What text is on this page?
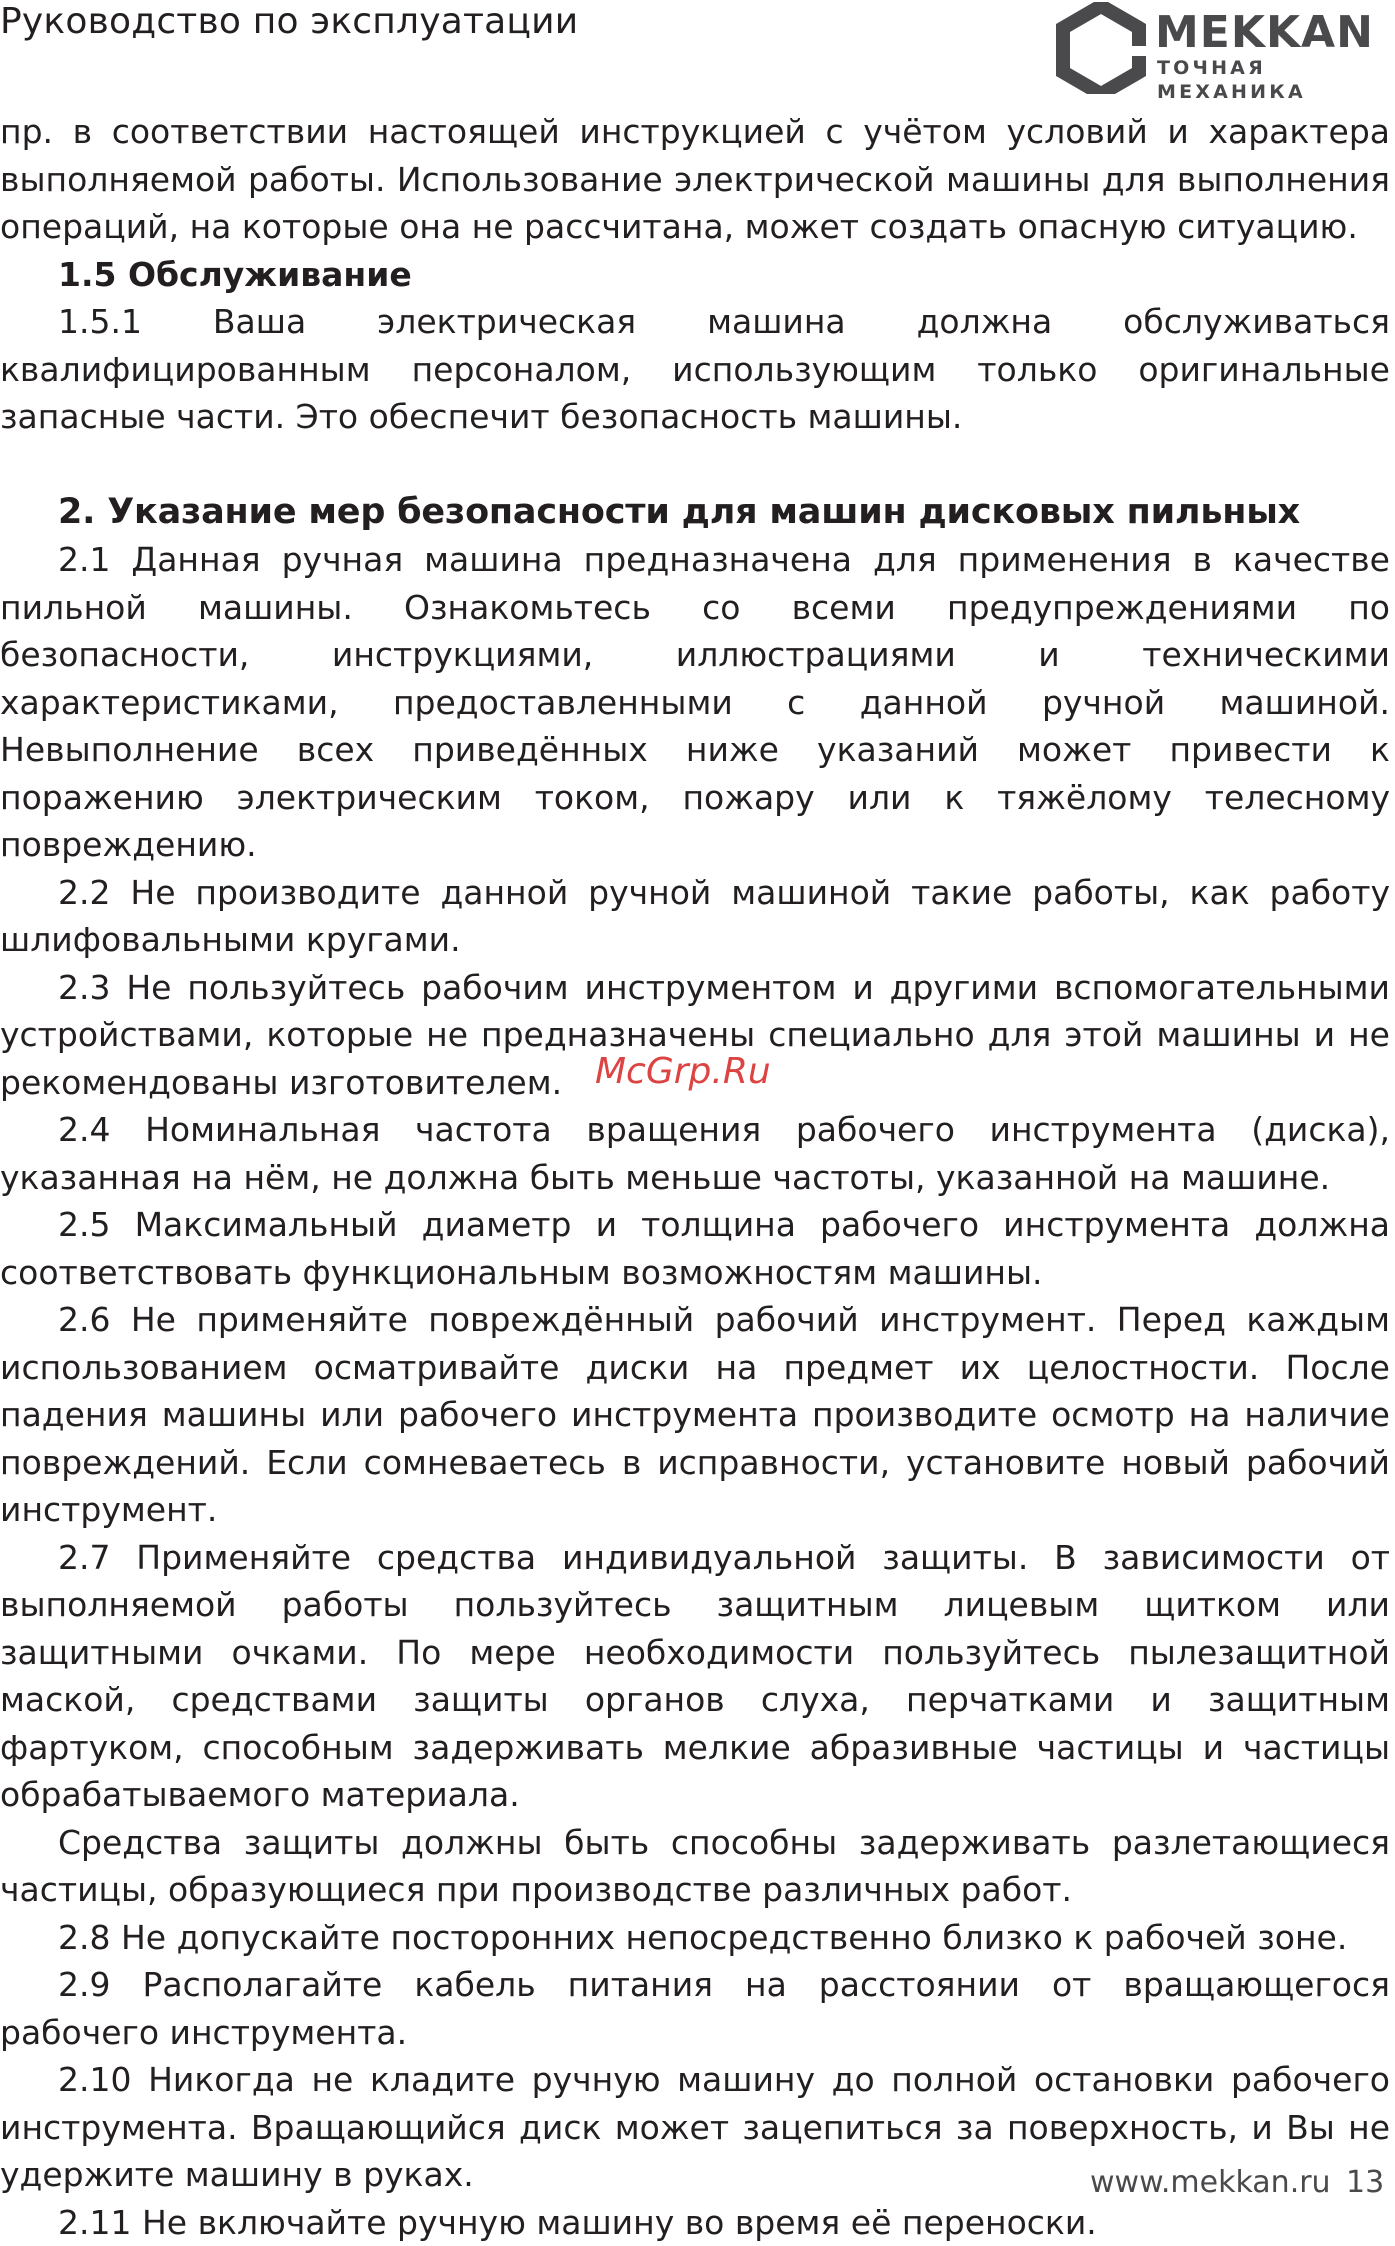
Руководство по эксплуатации	MEKKAN
ТОЧНАЯ МЕХАНИКА

пр. в соответствии настоящей инструкцией с учётом условий и характера выполняемой работы. Использование электрической машины для выполнения операций, на которые она не рассчитана, может создать опасную ситуацию.

1.5 Обслуживание

1.5.1 Ваша электрическая машина должна обслуживаться квалифицированным персоналом, использующим только оригинальные запасные части. Это обеспечит безопасность машины.

2. Указание мер безопасности для машин дисковых пильных

2.1 Данная ручная машина предназначена для применения в качестве пильной машины. Ознакомьтесь со всеми предупреждениями по безопасности, инструкциями, иллюстрациями и техническими характеристиками, предоставленными с данной ручной машиной. Невыполнение всех приведённых ниже указаний может привести к поражению электрическим током, пожару или к тяжёлому телесному повреждению.

2.2 Не производите данной ручной машиной такие работы, как работу шлифовальными кругами.

2.3 Не пользуйтесь рабочим инструментом и другими вспомогательными устройствами, которые не предназначены специально для этой машины и не рекомендованы изготовителем.

2.4 Номинальная частота вращения рабочего инструмента (диска), указанная на нём, не должна быть меньше частоты, указанной на машине.

2.5 Максимальный диаметр и толщина рабочего инструмента должна соответствовать функциональным возможностям машины.

2.6 Не применяйте повреждённый рабочий инструмент. Перед каждым использованием осматривайте диски на предмет их целостности. После падения машины или рабочего инструмента производите осмотр на наличие повреждений. Если сомневаетесь в исправности, установите новый рабочий инструмент.

2.7 Применяйте средства индивидуальной защиты. В зависимости от выполняемой работы пользуйтесь защитным лицевым щитком или защитными очками. По мере необходимости пользуйтесь пылезащитной маской, средствами защиты органов слуха, перчатками и защитным фартуком, способным задерживать мелкие абразивные частицы и частицы обрабатываемого материала.

Средства защиты должны быть способны задерживать разлетающиеся частицы, образующиеся при производстве различных работ.

2.8 Не допускайте посторонних непосредственно близко к рабочей зоне.

2.9 Располагайте кабель питания на расстоянии от вращающегося рабочего инструмента.

2.10 Никогда не кладите ручную машину до полной остановки рабочего инструмента. Вращающийся диск может зацепиться за поверхность, и Вы не удержите машину в руках.

2.11 Не включайте ручную машину во время её переноски.

McGrp.Ru
www.mekkan.ru 13
